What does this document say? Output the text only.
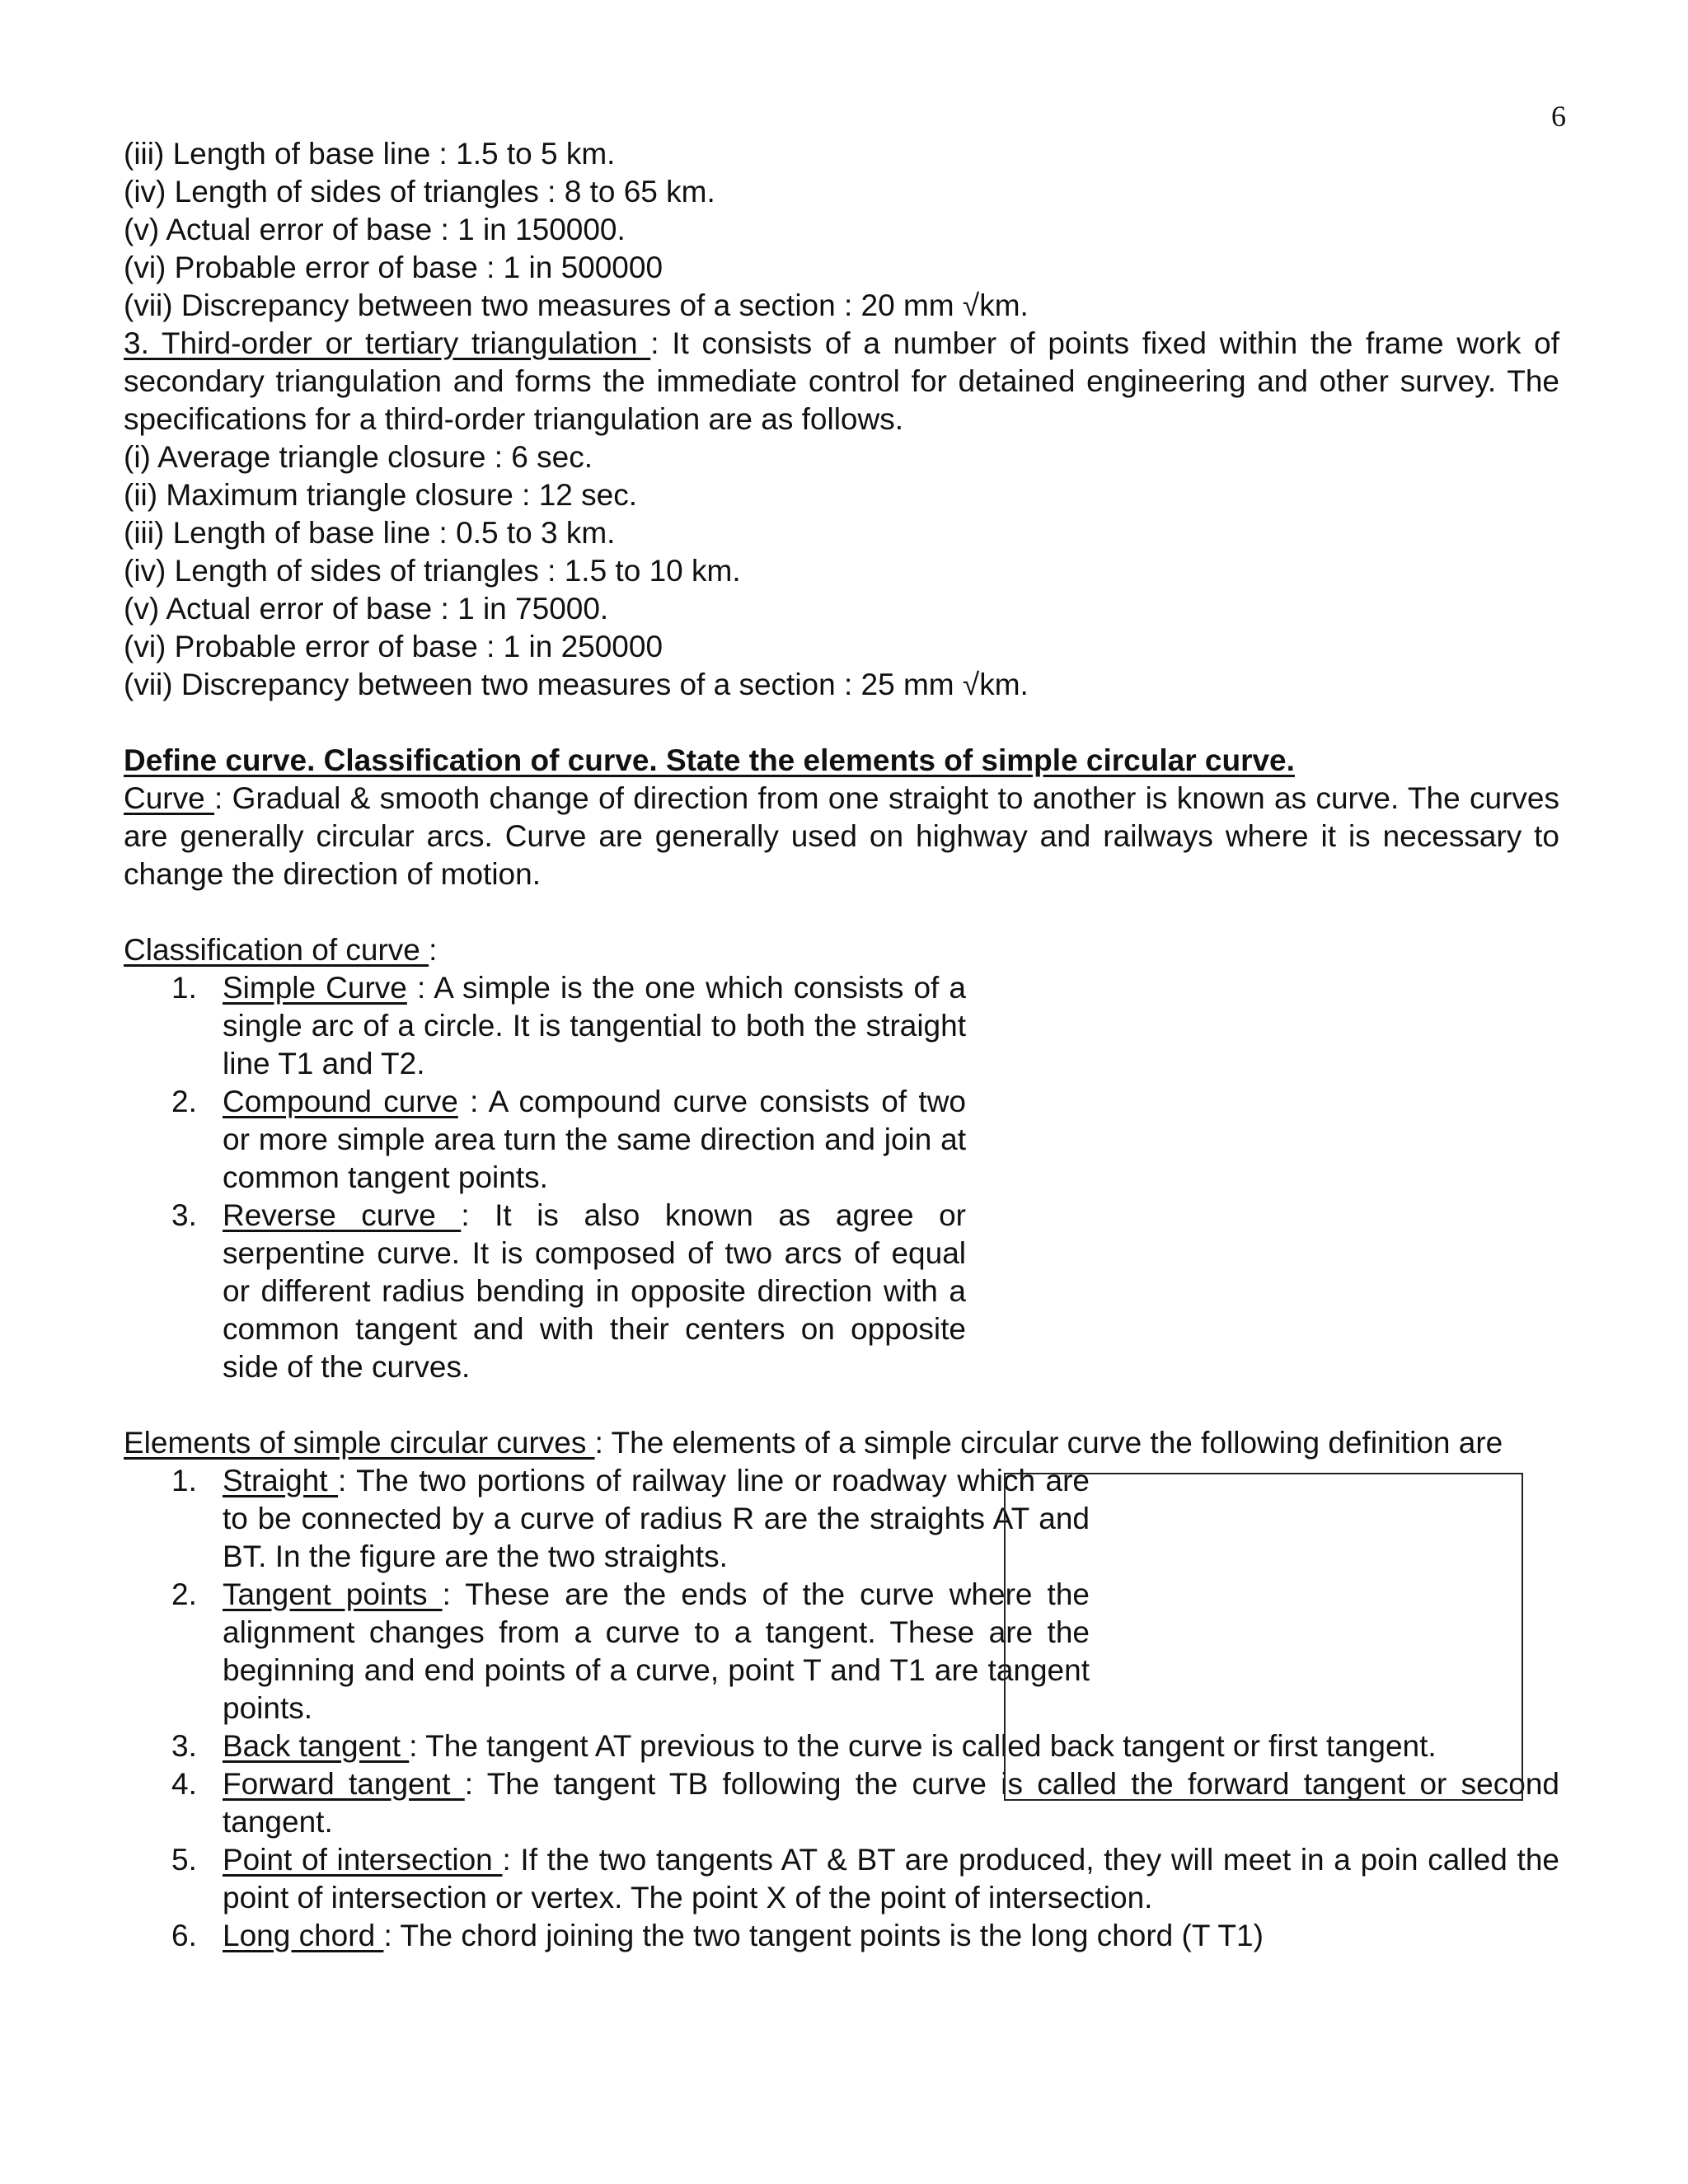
6
(iii) Length of base line : 1.5 to 5 km.
(iv) Length of sides of triangles : 8 to 65 km.
(v) Actual error of base : 1 in 150000.
(vi) Probable error of base : 1 in 500000
(vii) Discrepancy between two measures of a section : 20 mm √km.
3. Third-order or tertiary triangulation : It consists of a number of points fixed within the frame work of secondary triangulation and forms the immediate control for detained engineering and other survey. The specifications for a third-order triangulation are as follows.
(i) Average triangle closure : 6 sec.
(ii) Maximum triangle closure : 12 sec.
(iii) Length of base line : 0.5 to 3 km.
(iv) Length of sides of triangles : 1.5 to 10 km.
(v) Actual error of base : 1 in 75000.
(vi) Probable error of base : 1 in 250000
(vii) Discrepancy between two measures of a section : 25 mm √km.
Define curve. Classification of curve. State the elements of simple circular curve.
Curve : Gradual & smooth change of direction from one straight to another is known as curve. The curves are generally circular arcs. Curve are generally used on highway and railways where it is necessary to change the direction of motion.
Classification of curve :
1. Simple Curve : A simple is the one which consists of a single arc of a circle. It is tangential to both the straight line T1 and T2.
2. Compound curve : A compound curve consists of two or more simple area turn the same direction and join at common tangent points.
3. Reverse curve : It is also known as agree or serpentine curve. It is composed of two arcs of equal or different radius bending in opposite direction with a common tangent and with their centers on opposite side of the curves.
Elements of simple circular curves : The elements of a simple circular curve the following definition are
1. Straight : The two portions of railway line or roadway which are to be connected by a curve of radius R are the straights AT and BT. In the figure are the two straights.
2. Tangent points : These are the ends of the curve where the alignment changes from a curve to a tangent. These are the beginning and end points of a curve, point T and T1 are tangent points.
3. Back tangent : The tangent AT previous to the curve is called back tangent or first tangent.
4. Forward tangent : The tangent TB following the curve is called the forward tangent or second tangent.
5. Point of intersection : If the two tangents AT & BT are produced, they will meet in a poin called the point of intersection or vertex. The point X of the point of intersection.
6. Long chord : The chord joining the two tangent points is the long chord (T T1)
